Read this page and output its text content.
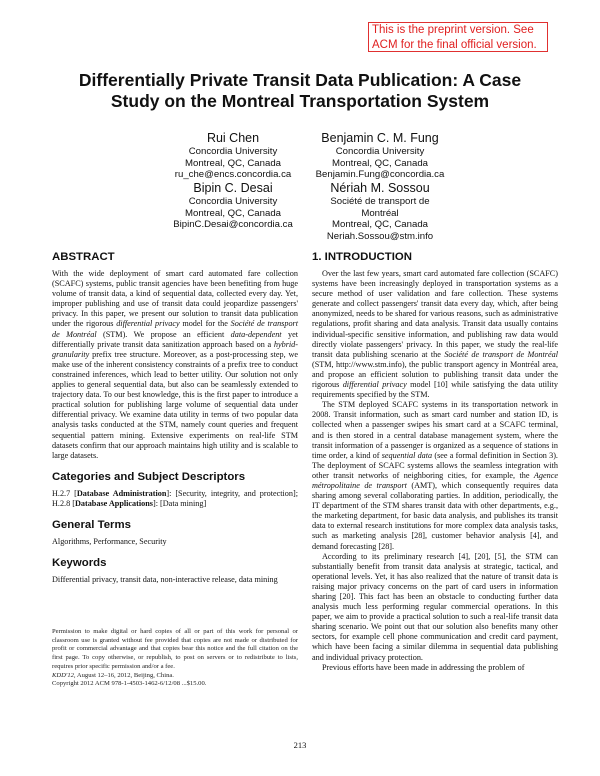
This is the preprint version. See
ACM for the final official version.
Differentially Private Transit Data Publication: A Case
Study on the Montreal Transportation System
Rui Chen
Concordia University
Montreal, QC, Canada
ru_che@encs.concordia.ca
Benjamin C. M. Fung
Concordia University
Montreal, QC, Canada
Benjamin.Fung@concordia.ca
Bipin C. Desai
Concordia University
Montreal, QC, Canada
BipinC.Desai@concordia.ca
Nériah M. Sossou
Société de transport de
Montréal
Montreal, QC, Canada
Neriah.Sossou@stm.info
ABSTRACT

With the wide deployment of smart card automated fare collection (SCAFC) systems, public transit agencies have been benefiting from huge volume of transit data, a kind of sequential data, collected every day. Yet, improper publishing and use of transit data could jeopardize passengers' privacy. In this paper, we present our solution to transit data publication under the rigorous differential privacy model for the Société de transport de Montréal (STM). We propose an efficient data-dependent yet differentially private transit data sanitization approach based on a hybrid-granularity prefix tree structure. Moreover, as a post-processing step, we make use of the inherent consistency constraints of a prefix tree to conduct constrained inferences, which lead to better utility. Our solution not only applies to general sequential data, but also can be seamlessly extended to trajectory data. To our best knowledge, this is the first paper to introduce a practical solution for publishing large volume of sequential data under differential privacy. We examine data utility in terms of two popular data analysis tasks conducted at the STM, namely count queries and frequent sequential pattern mining. Extensive experiments on real-life STM datasets confirm that our approach maintains high utility and is scalable to large datasets.

Categories and Subject Descriptors

H.2.7 [Database Administration]: [Security, integrity, and protection]; H.2.8 [Database Applications]: [Data mining]

General Terms

Algorithms, Performance, Security

Keywords

Differential privacy, transit data, non-interactive release, data mining

Permission to make digital or hard copies of all or part of this work for personal or classroom use is granted without fee provided that copies are not made or distributed for profit or commercial advantage and that copies bear this notice and the full citation on the first page. To copy otherwise, or republish, to post on servers or to redistribute to lists, requires prior specific permission and/or a fee.

KDD'12, August 12–16, 2012, Beijing, China.

Copyright 2012 ACM 978-1-4503-1462-6/12/08 ...$15.00.

1. INTRODUCTION

Over the last few years, smart card automated fare collection (SCAFC) systems have been increasingly deployed in transportation systems as a secure method of user validation and fare collection. These systems generate and collect passengers' transit data every day, which, after being anonymized, needs to be shared for various reasons, such as administrative regulations, profit sharing and data analysis. Transit data usually contains individual-specific sensitive information, and publishing raw data would directly violate passengers' privacy. In this paper, we study the real-life transit data publishing scenario at the Société de transport de Montréal (STM, http://www.stm.info), the public transport agency in Montréal area, and propose an efficient solution to publishing transit data under the rigorous differential privacy model [10] while satisfying the data utility requirements specified by the STM.

The STM deployed SCAFC systems in its transportation network in 2008. Transit information, such as smart card number and station ID, is collected when a passenger swipes his smart card at a SCAFC terminal, and is then stored in a central database management system, where the transit information of a passenger is organized as a sequence of stations in time order, a kind of sequential data (see a formal definition in Section 3). The deployment of SCAFC systems allows the seamless integration with other transit networks of neighboring cities, for example, the Agence métropolitaine de transport (AMT), which consequently requires data sharing among several collaborating parties. In addition, periodically, the IT department of the STM shares transit data with other departments, e.g., the marketing department, for basic data analysis, and publishes its transit data to external research institutions for more complex data analysis tasks, such as marketing analysis [28], customer behavior analysis [4], and demand forecasting [28].

According to its preliminary research [4], [20], [5], the STM can substantially benefit from transit data analysis at strategic, tactical, and operational levels. Yet, it has also realized that the nature of transit data is raising major privacy concerns on the part of card users in information sharing [20]. This fact has been an obstacle to conducting further data analysis much less performing regular commercial operations. In this paper, we aim to provide a practical solution to such a real-life transit data sharing scenario. We point out that our solution also benefits many other sectors, for example cell phone communication and credit card payment, which have been facing a similar dilemma in sequential data publishing and individual privacy protection.

Previous efforts have been made in addressing the problem of

213
